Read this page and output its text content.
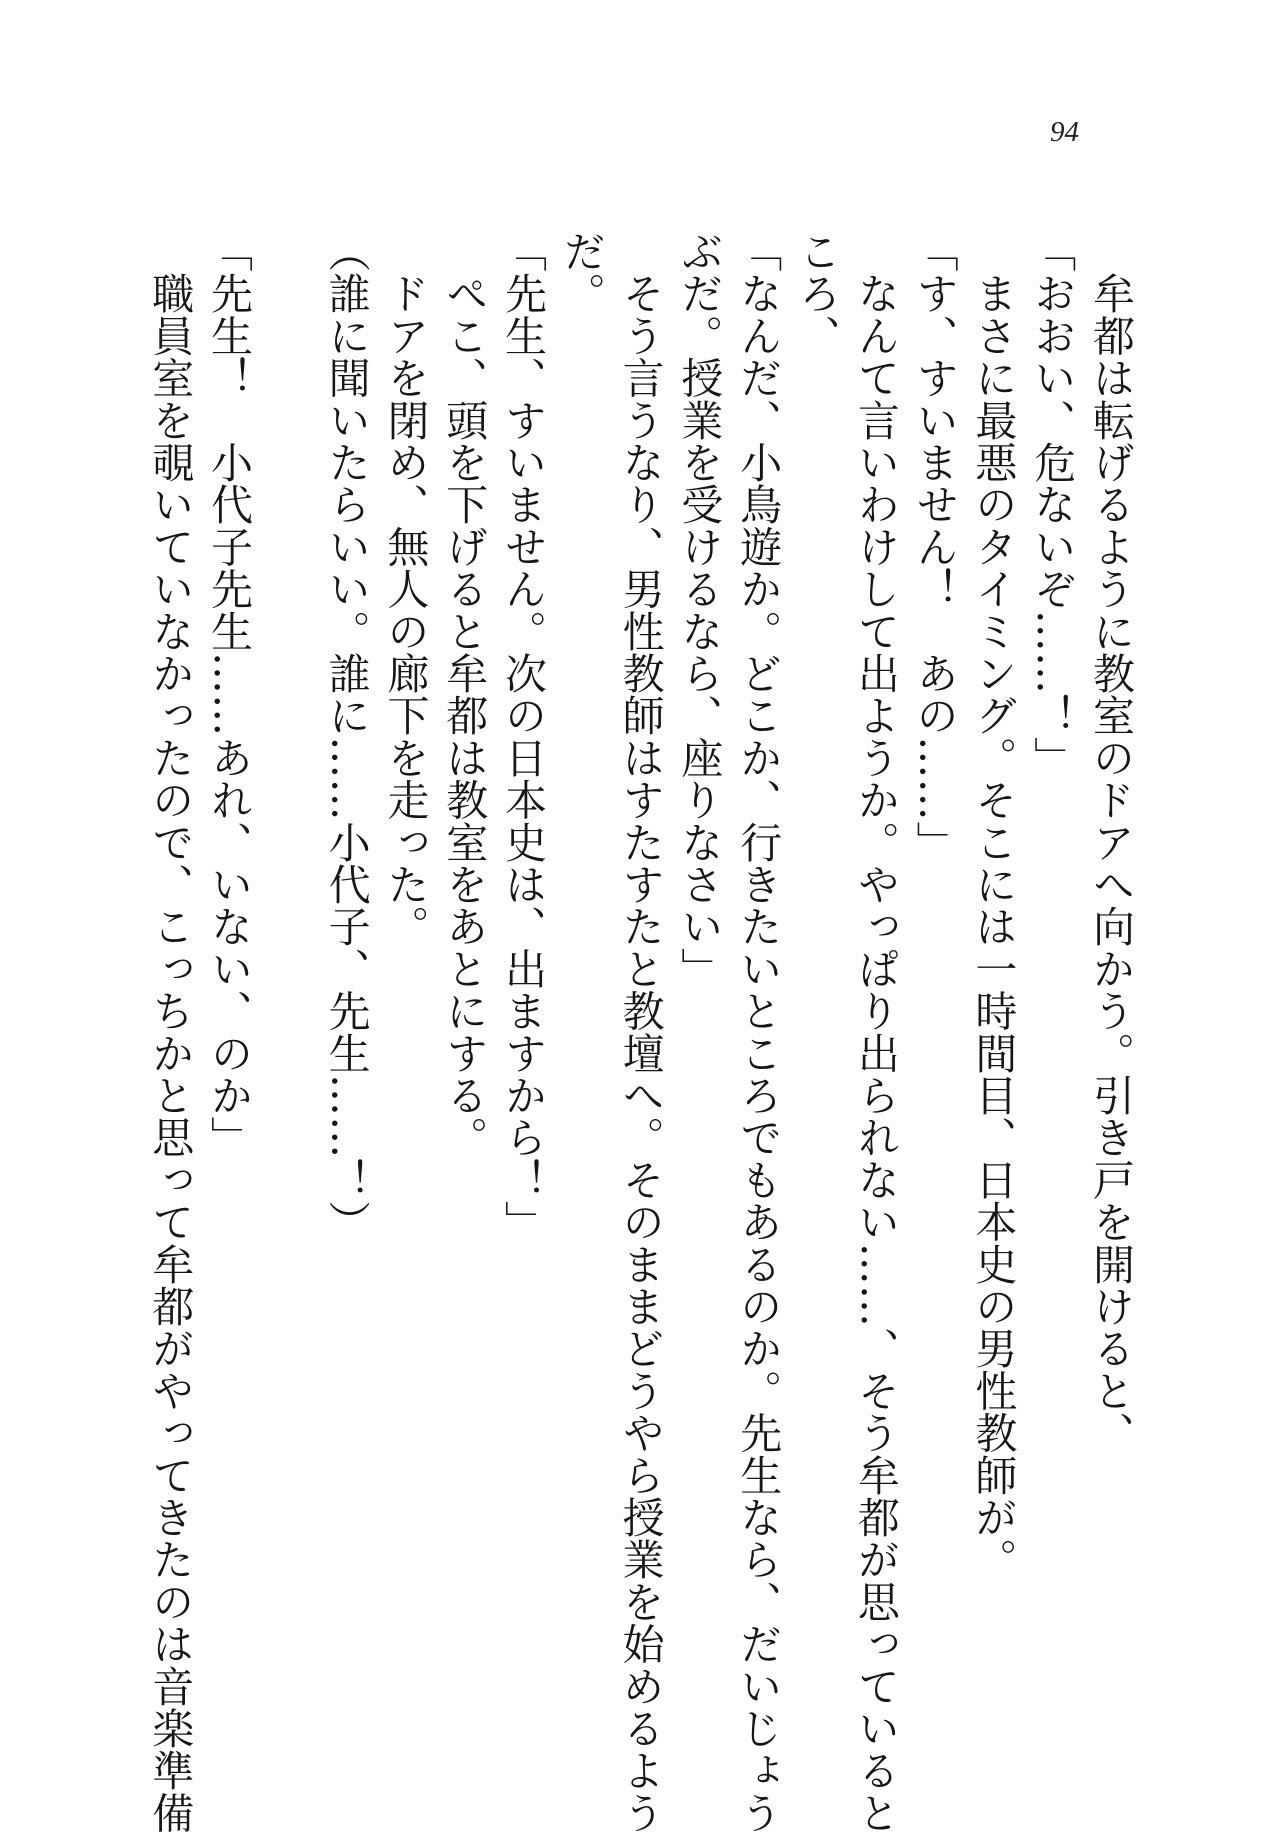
94
　牟都は転げるように教室のドアへ向かう。引き戸を開けると、
「おおい、危ないぞ……！」
　まさに最悪のタイミング。そこには一時間目、日本史の男性教師が。
「す、すいません！　あの……」
　なんて言いわけして出ようか。やっぱり出られない……、そう牟都が思っていると
ころ、
「なんだ、小鳥遊か。どこか、行きたいところでもあるのか。先生なら、だいじょう
ぶだ。授業を受けるなら、座りなさい」
　そう言うなり、男性教師はすたすたと教壇へ。そのままどうやら授業を始めるよう
だ。
「先生、すいません。次の日本史は、出ますから！」
　ぺこ、頭を下げると牟都は教室をあとにする。
　ドアを閉め、無人の廊下を走った。
（誰に聞いたらいい。誰に……小代子、先生……！）
「先生！　小代子先生……あれ、いない、のか」
　職員室を覗いていなかったので、こっちかと思って牟都がやってきたのは音楽準備
